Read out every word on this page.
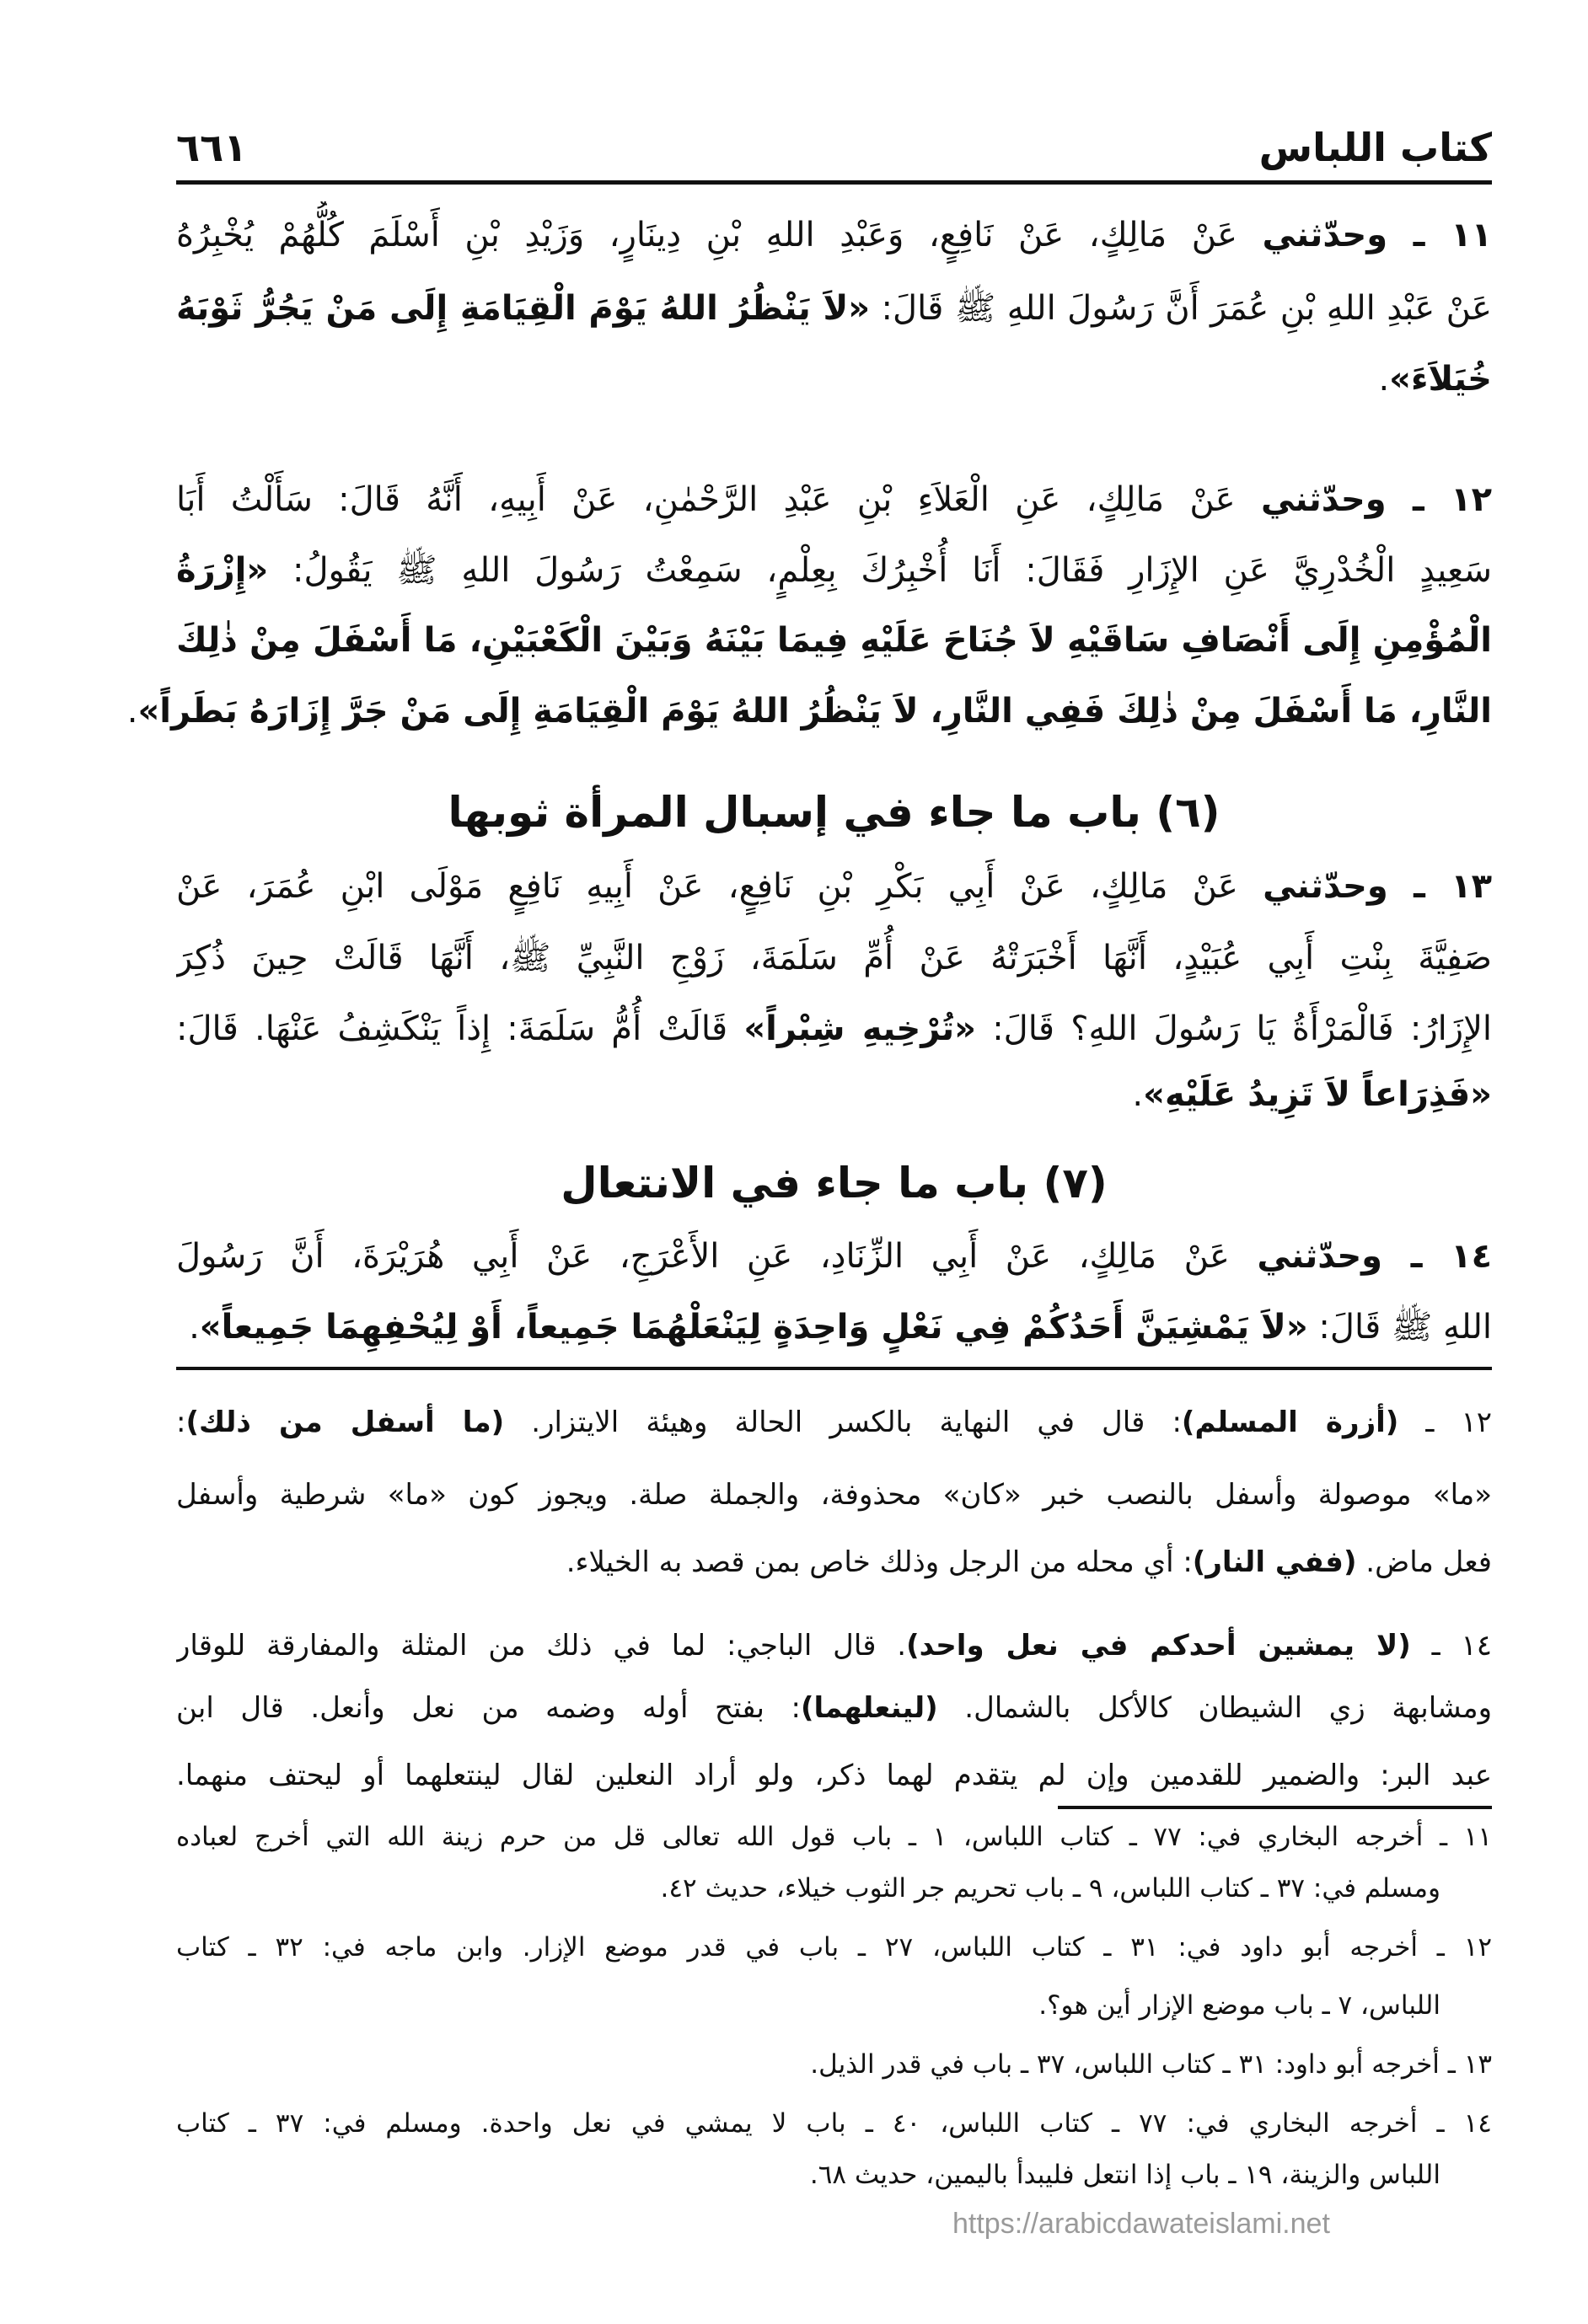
كتاب اللباس
٦٦١
١١ ـ وحدّثني عَنْ مَالِكٍ، عَنْ نَافِعٍ، وَعَبْدِ اللهِ بْنِ دِينَارٍ، وَزَيْدِ بْنِ أَسْلَمَ كُلُّهُمْ يُخْبِرُهُ
عَنْ عَبْدِ اللهِ بْنِ عُمَرَ أَنَّ رَسُولَ اللهِ ﷺ قَالَ: «لاَ يَنْظُرُ اللهُ يَوْمَ الْقِيَامَةِ إِلَى مَنْ يَجُرُّ ثَوْبَهُ
خُيَلاَءَ».
١٢ ـ وحدّثني عَنْ مَالِكٍ، عَنِ الْعَلاَءِ بْنِ عَبْدِ الرَّحْمٰنِ، عَنْ أَبِيهِ، أَنَّهُ قَالَ: سَأَلْتُ أَبَا
سَعِيدٍ الْخُدْرِيَّ عَنِ الإِزَارِ فَقَالَ: أَنَا أُخْبِرُكَ بِعِلْمٍ، سَمِعْتُ رَسُولَ اللهِ ﷺ يَقُولُ: «إِزْرَةُ
الْمُؤْمِنِ إِلَى أَنْصَافِ سَاقَيْهِ لاَ جُنَاحَ عَلَيْهِ فِيمَا بَيْنَهُ وَبَيْنَ الْكَعْبَيْنِ، مَا أَسْفَلَ مِنْ ذٰلِكَ
النَّارِ، مَا أَسْفَلَ مِنْ ذٰلِكَ فَفِي النَّارِ، لاَ يَنْظُرُ اللهُ يَوْمَ الْقِيَامَةِ إِلَى مَنْ جَرَّ إِزَارَهُ بَطَراً».
(٦) باب ما جاء في إسبال المرأة ثوبها
١٣ ـ وحدّثني عَنْ مَالِكٍ، عَنْ أَبِي بَكْرِ بْنِ نَافِعٍ، عَنْ أَبِيهِ نَافِعٍ مَوْلَى ابْنِ عُمَرَ، عَنْ
صَفِيَّةَ بِنْتِ أَبِي عُبَيْدٍ، أَنَّهَا أَخْبَرَتْهُ عَنْ أُمِّ سَلَمَةَ، زَوْجِ النَّبِيِّ ﷺ، أَنَّهَا قَالَتْ حِينَ ذُكِرَ
الإِزَارُ: فَالْمَرْأَةُ يَا رَسُولَ اللهِ؟ قَالَ: «تُرْخِيهِ شِبْراً» قَالَتْ أُمُّ سَلَمَةَ: إِذاً يَنْكَشِفُ عَنْهَا. قَالَ:
«فَذِرَاعاً لاَ تَزِيدُ عَلَيْهِ».
(٧) باب ما جاء في الانتعال
١٤ ـ وحدّثني عَنْ مَالِكٍ، عَنْ أَبِي الزِّنَادِ، عَنِ الأَعْرَجِ، عَنْ أَبِي هُرَيْرَةَ، أَنَّ رَسُولَ
اللهِ ﷺ قَالَ: «لاَ يَمْشِيَنَّ أَحَدُكُمْ فِي نَعْلٍ وَاحِدَةٍ لِيَنْعَلْهُمَا جَمِيعاً، أَوْ لِيُحْفِهِمَا جَمِيعاً».
١٢ ـ (أزرة المسلم): قال في النهاية بالكسر الحالة وهيئة الايتزار. (ما أسفل من ذلك):
«ما» موصولة وأسفل بالنصب خبر «كان» محذوفة، والجملة صلة. ويجوز كون «ما» شرطية وأسفل
فعل ماض. (ففي النار): أي محله من الرجل وذلك خاص بمن قصد به الخيلاء.
١٤ ـ (لا يمشين أحدكم في نعل واحد). قال الباجي: لما في ذلك من المثلة والمفارقة للوقار
ومشابهة زي الشيطان كالأكل بالشمال. (لينعلهما): بفتح أوله وضمه من نعل وأنعل. قال ابن
عبد البر: والضمير للقدمين وإن لم يتقدم لهما ذكر، ولو أراد النعلين لقال لينتعلهما أو ليحتف منهما.
١١ ـ أخرجه البخاري في: ٧٧ ـ كتاب اللباس، ١ ـ باب قول الله تعالى قل من حرم زينة الله التي أخرج لعباده
ومسلم في: ٣٧ ـ كتاب اللباس، ٩ ـ باب تحريم جر الثوب خيلاء، حديث ٤٢.
١٢ ـ أخرجه أبو داود في: ٣١ ـ كتاب اللباس، ٢٧ ـ باب في قدر موضع الإزار. وابن ماجه في: ٣٢ ـ كتاب
اللباس، ٧ ـ باب موضع الإزار أين هو؟.
١٣ ـ أخرجه أبو داود: ٣١ ـ كتاب اللباس، ٣٧ ـ باب في قدر الذيل.
١٤ ـ أخرجه البخاري في: ٧٧ ـ كتاب اللباس، ٤٠ ـ باب لا يمشي في نعل واحدة. ومسلم في: ٣٧ ـ كتاب
اللباس والزينة، ١٩ ـ باب إذا انتعل فليبدأ باليمين، حديث ٦٨.
https://arabicdawateislami.net
